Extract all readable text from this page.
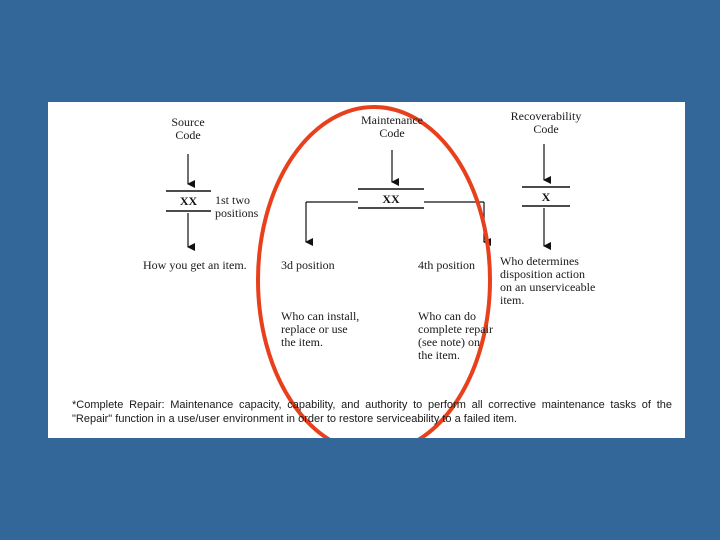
Source
Code
XX	1st two
positions
How you get an item.
Maintenance
Code
XX
3d position
Who can install,
replace or use
the item.
4th position
Who can do
complete repair
(see note) on
the item.
Recoverability
Code
X
Who determines
disposition action
on an unserviceable
item.
*Complete Repair: Maintenance capacity, capability, and authority to perform all corrective maintenance tasks of the "Repair" function in a use/user environment in order to restore serviceability to a failed item.
